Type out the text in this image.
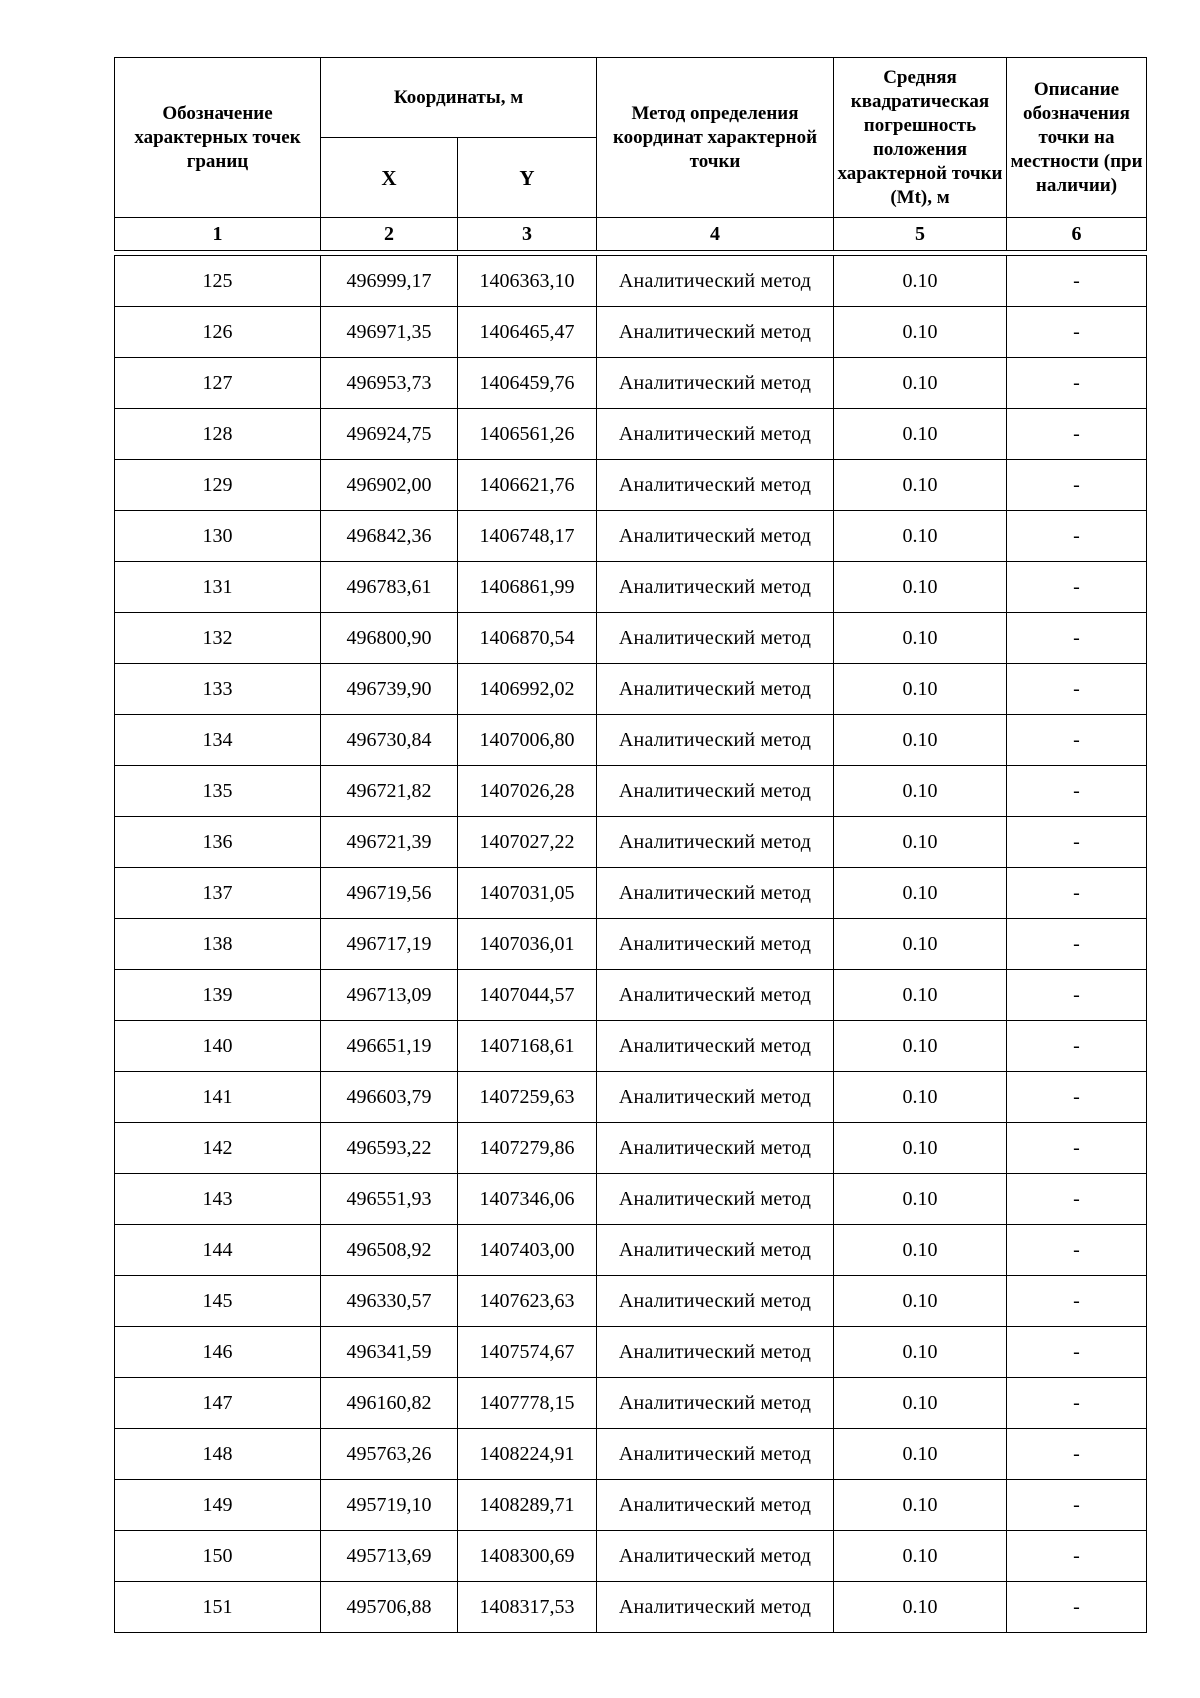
Обозначение характерных точек границ	Координаты, м		Метод определения координат характерной точки	Средняя квадратическая погрешность положения характерной точки (Mt), м	Описание обозначения точки на местности (при наличии)
	X	Y			
1	2	3	4	5	6
125	496999,17	1406363,10	Аналитический метод	0.10	-
126	496971,35	1406465,47	Аналитический метод	0.10	-
127	496953,73	1406459,76	Аналитический метод	0.10	-
128	496924,75	1406561,26	Аналитический метод	0.10	-
129	496902,00	1406621,76	Аналитический метод	0.10	-
130	496842,36	1406748,17	Аналитический метод	0.10	-
131	496783,61	1406861,99	Аналитический метод	0.10	-
132	496800,90	1406870,54	Аналитический метод	0.10	-
133	496739,90	1406992,02	Аналитический метод	0.10	-
134	496730,84	1407006,80	Аналитический метод	0.10	-
135	496721,82	1407026,28	Аналитический метод	0.10	-
136	496721,39	1407027,22	Аналитический метод	0.10	-
137	496719,56	1407031,05	Аналитический метод	0.10	-
138	496717,19	1407036,01	Аналитический метод	0.10	-
139	496713,09	1407044,57	Аналитический метод	0.10	-
140	496651,19	1407168,61	Аналитический метод	0.10	-
141	496603,79	1407259,63	Аналитический метод	0.10	-
142	496593,22	1407279,86	Аналитический метод	0.10	-
143	496551,93	1407346,06	Аналитический метод	0.10	-
144	496508,92	1407403,00	Аналитический метод	0.10	-
145	496330,57	1407623,63	Аналитический метод	0.10	-
146	496341,59	1407574,67	Аналитический метод	0.10	-
147	496160,82	1407778,15	Аналитический метод	0.10	-
148	495763,26	1408224,91	Аналитический метод	0.10	-
149	495719,10	1408289,71	Аналитический метод	0.10	-
150	495713,69	1408300,69	Аналитический метод	0.10	-
151	495706,88	1408317,53	Аналитический метод	0.10	-
